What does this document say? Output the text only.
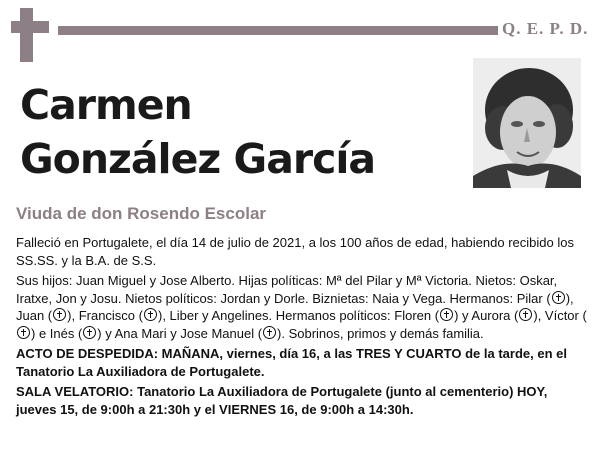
Q. E. P. D.
Carmen
González García
Viuda de don Rosendo Escolar

Falleció en Portugalete, el día 14 de julio de 2021, a los 100 años de edad, habiendo recibido los SS.SS. y la B.A. de S.S.

Sus hijos: Juan Miguel y Jose Alberto. Hijas políticas: Mª del Pilar y Mª Victoria. Nietos: Oskar, Iratxe, Jon y Josu. Nietos políticos: Jordan y Dorle. Biznietas: Naia y Vega. Hermanos: Pilar ( ), Juan ( ), Francisco ( ), Liber y Angelines. Hermanos políticos: Floren ( ) y Aurora ( ), Víctor () e Inés ( ) y Ana Mari y Jose Manuel ( ). Sobrinos, primos y demás familia.

ACTO DE DESPEDIDA: MAÑANA, viernes, día 16, a las TRES Y CUARTO de la tarde, en el Tanatorio La Auxiliadora de Portugalete.

SALA VELATORIO: Tanatorio La Auxiliadora de Portugalete (junto al cementerio) HOY, jueves 15, de 9:00h a 21:30h y el VIERNES 16, de 9:00h a 14:30h.
